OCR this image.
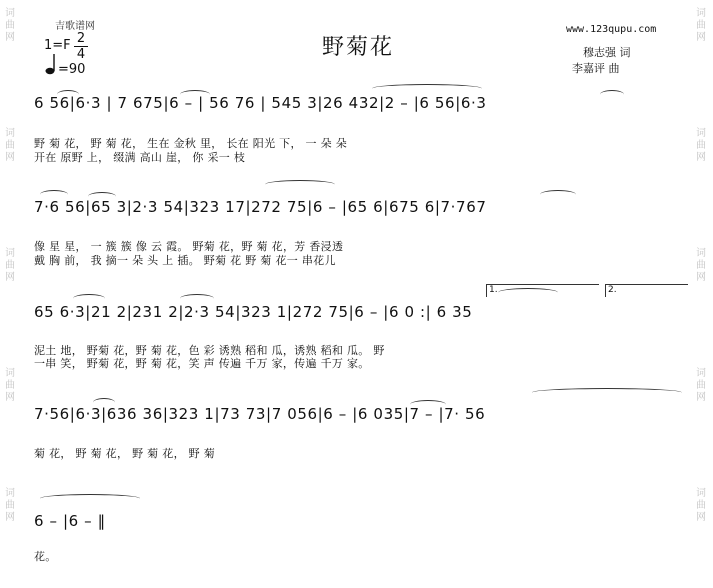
词
曲
网
词
曲
网
词
曲
网
词
曲
网
词
曲
网
词
曲
网
词
曲
网
词
曲
网
词
曲
网
词
曲
网
吉歌谱网	www.123qupu.com
野菊花	穆志强 词
李嘉评 曲
1=F 2
4
=90
6 56|6·3 | 7 675|6 – | 56 76 | 545 3|26 432|2 – |6 56|6·3
野 菊 花， 野 菊 花， 生在 金秋 里， 长在 阳光 下， 一 朵 朵
开在 原野 上， 缀满 高山 崖， 你 采一 枝
7·6 56|65 3|2·3 54|323 17|272 75|6 – |65 6|675 6|7·767
像 星 星， 一 簇 簇 像 云 霞。 野菊 花，野 菊 花，芳 香浸透
戴 胸 前， 我 摘一 朵 头 上 插。 野菊 花 野 菊 花一 串花儿
1.	2.
65 6·3|21 2|231 2|2·3 54|323 1|272 75|6 – |6 0 :| 6 35
泥土 地， 野菊 花，野 菊 花，色 彩 诱熟 稻和 瓜，诱熟 稻和 瓜。 野
一串 笑， 野菊 花，野 菊 花，笑 声 传遍 千万 家，传遍 千万 家。
7·56|6·3|636 36|323 1|73 73|7 056|6 – |6 035|7 – |7· 56
菊 花， 野 菊 花， 野 菊 花， 野 菊
6 – |6 – ‖
花。
